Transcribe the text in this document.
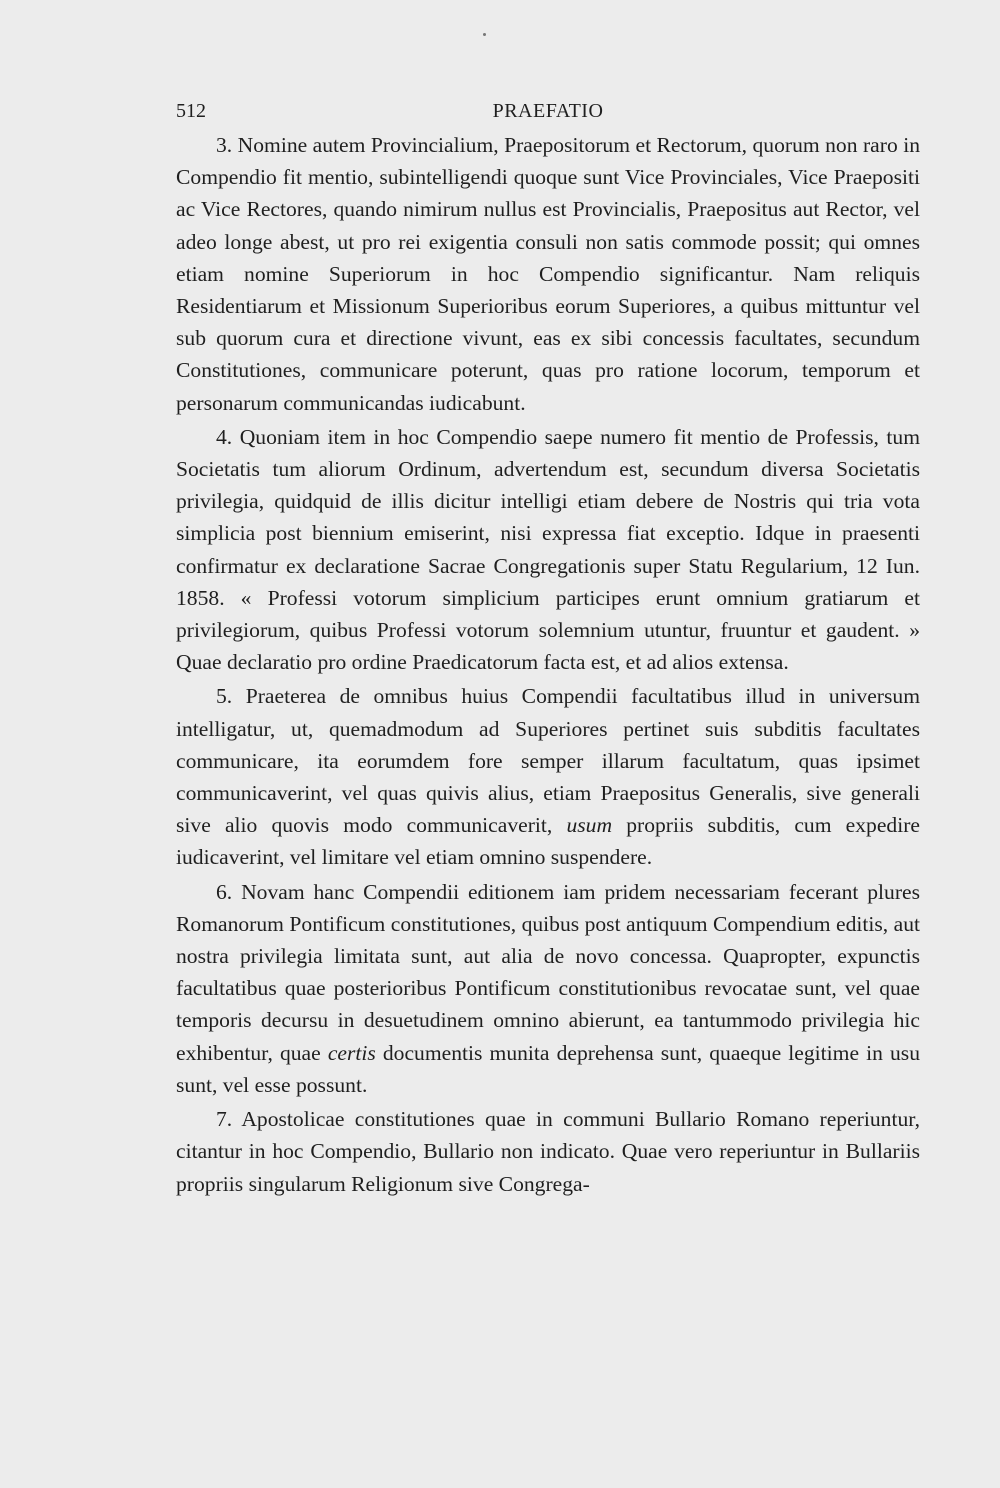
512	PRAEFATIO

3. Nomine autem Provincialium, Praepositorum et Rectorum, quorum non raro in Compendio fit mentio, subintelligendi quoque sunt Vice Provinciales, Vice Praepositi ac Vice Rectores, quando nimirum nullus est Provincialis, Praepositus aut Rector, vel adeo longe abest, ut pro rei exigentia consuli non satis commode possit; qui omnes etiam nomine Superiorum in hoc Compendio significantur. Nam reliquis Residentiarum et Missionum Superioribus eorum Superiores, a quibus mittuntur vel sub quorum cura et directione vivunt, eas ex sibi concessis facultates, secundum Constitutiones, communicare poterunt, quas pro ratione locorum, temporum et personarum communicandas iudicabunt.

4. Quoniam item in hoc Compendio saepe numero fit mentio de Professis, tum Societatis tum aliorum Ordinum, advertendum est, secundum diversa Societatis privilegia, quidquid de illis dicitur intelligi etiam debere de Nostris qui tria vota simplicia post biennium emiserint, nisi expressa fiat exceptio. Idque in praesenti confirmatur ex declaratione Sacrae Congregationis super Statu Regularium, 12 Iun. 1858. « Professi votorum simplicium participes erunt omnium gratiarum et privilegiorum, quibus Professi votorum solemnium utuntur, fruuntur et gaudent. » Quae declaratio pro ordine Praedicatorum facta est, et ad alios extensa.

5. Praeterea de omnibus huius Compendii facultatibus illud in universum intelligatur, ut, quemadmodum ad Superiores pertinet suis subditis facultates communicare, ita eorumdem fore semper illarum facultatum, quas ipsimet communicaverint, vel quas quivis alius, etiam Praepositus Generalis, sive generali sive alio quovis modo communicaverit, usum propriis subditis, cum expedire iudicaverint, vel limitare vel etiam omnino suspendere.

6. Novam hanc Compendii editionem iam pridem necessariam fecerant plures Romanorum Pontificum constitutiones, quibus post antiquum Compendium editis, aut nostra privilegia limitata sunt, aut alia de novo concessa. Quapropter, expunctis facultatibus quae posterioribus Pontificum constitutionibus revocatae sunt, vel quae temporis decursu in desuetudinem omnino abierunt, ea tantummodo privilegia hic exhibentur, quae certis documentis munita deprehensa sunt, quaeque legitime in usu sunt, vel esse possunt.

7. Apostolicae constitutiones quae in communi Bullario Romano reperiuntur, citantur in hoc Compendio, Bullario non indicato. Quae vero reperiuntur in Bullariis propriis singularum Religionum sive Congrega-
